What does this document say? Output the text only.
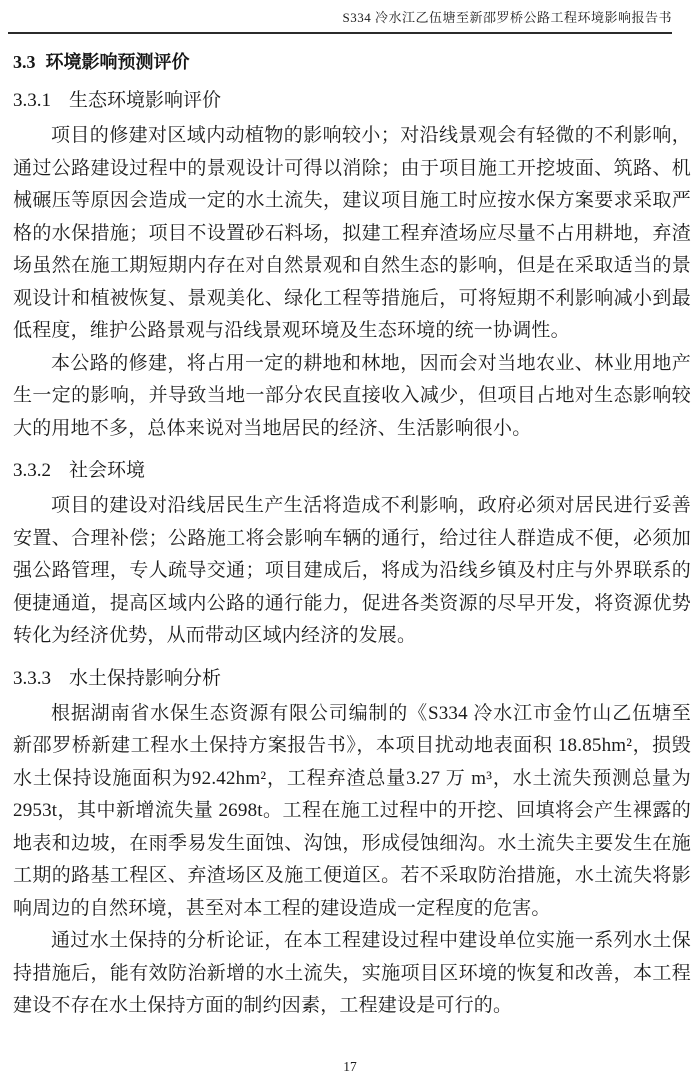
S334 冷水江乙伍塘至新邵罗桥公路工程环境影响报告书
3.3 环境影响预测评价
3.3.1 生态环境影响评价

项目的修建对区域内动植物的影响较小；对沿线景观会有轻微的不利影响，通过公路建设过程中的景观设计可得以消除；由于项目施工开挖坡面、筑路、机械碾压等原因会造成一定的水土流失，建议项目施工时应按水保方案要求采取严格的水保措施；项目不设置砂石料场，拟建工程弃渣场应尽量不占用耕地，弃渣场虽然在施工期短期内存在对自然景观和自然生态的影响，但是在采取适当的景观设计和植被恢复、景观美化、绿化工程等措施后，可将短期不利影响减小到最低程度，维护公路景观与沿线景观环境及生态环境的统一协调性。

本公路的修建，将占用一定的耕地和林地，因而会对当地农业、林业用地产生一定的影响，并导致当地一部分农民直接收入减少，但项目占地对生态影响较大的用地不多，总体来说对当地居民的经济、生活影响很小。

3.3.2 社会环境

项目的建设对沿线居民生产生活将造成不利影响，政府必须对居民进行妥善安置、合理补偿；公路施工将会影响车辆的通行，给过往人群造成不便，必须加强公路管理，专人疏导交通；项目建成后，将成为沿线乡镇及村庄与外界联系的便捷通道，提高区域内公路的通行能力，促进各类资源的尽早开发，将资源优势转化为经济优势，从而带动区域内经济的发展。

3.3.3 水土保持影响分析

根据湖南省水保生态资源有限公司编制的《S334 冷水江市金竹山乙伍塘至新邵罗桥新建工程水土保持方案报告书》，本项目扰动地表面积 18.85hm²，损毁水土保持设施面积为92.42hm²，工程弃渣总量3.27 万 m³，水土流失预测总量为2953t，其中新增流失量 2698t。工程在施工过程中的开挖、回填将会产生裸露的地表和边坡，在雨季易发生面蚀、沟蚀，形成侵蚀细沟。水土流失主要发生在施工期的路基工程区、弃渣场区及施工便道区。若不采取防治措施，水土流失将影响周边的自然环境，甚至对本工程的建设造成一定程度的危害。

通过水土保持的分析论证，在本工程建设过程中建设单位实施一系列水土保持措施后，能有效防治新增的水土流失，实施项目区环境的恢复和改善，本工程建设不存在水土保持方面的制约因素，工程建设是可行的。

17
